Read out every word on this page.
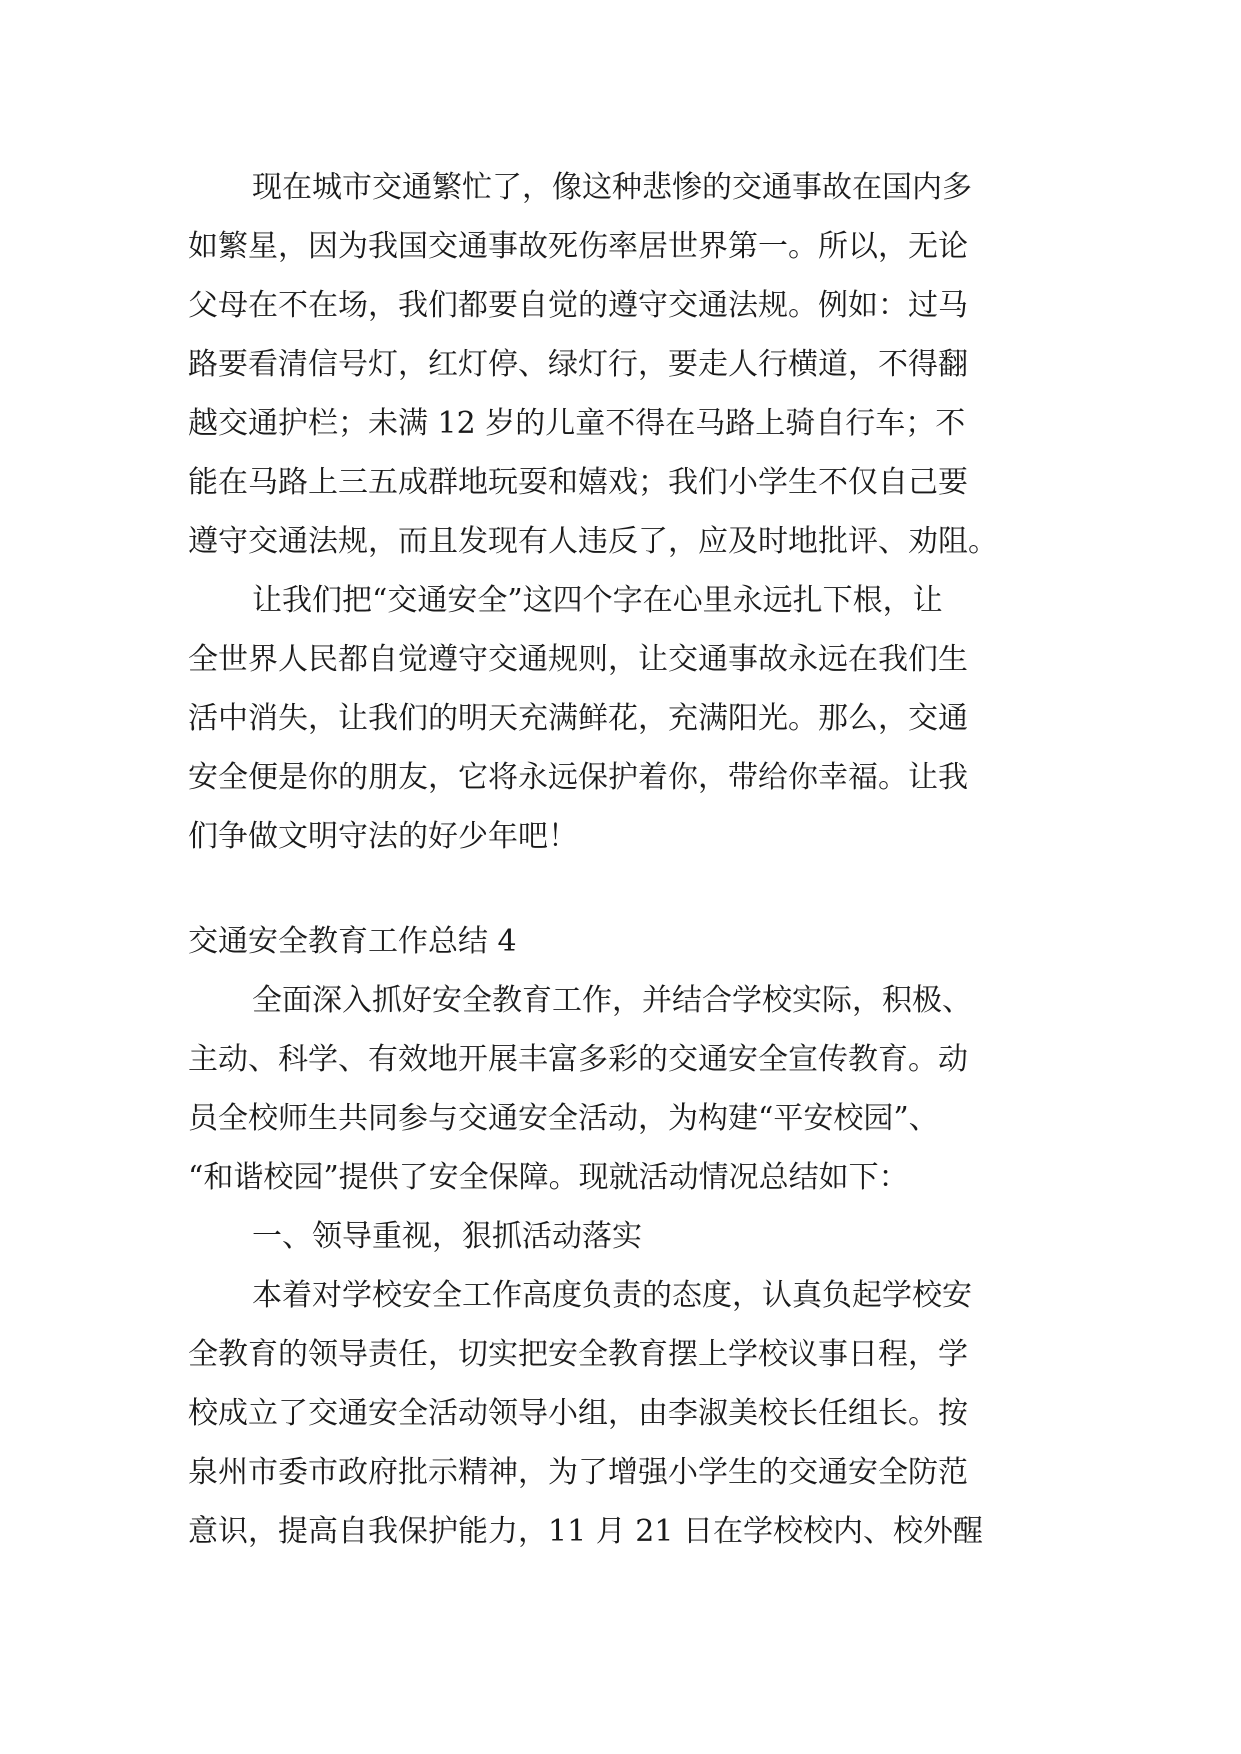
现在城市交通繁忙了，像这种悲惨的交通事故在国内多
如繁星，因为我国交通事故死伤率居世界第一。所以，无论
父母在不在场，我们都要自觉的遵守交通法规。例如：过马
路要看清信号灯，红灯停、绿灯行，要走人行横道，不得翻
越交通护栏；未满 12 岁的儿童不得在马路上骑自行车；不
能在马路上三五成群地玩耍和嬉戏；我们小学生不仅自己要
遵守交通法规，而且发现有人违反了，应及时地批评、劝阻。
让我们把“交通安全”这四个字在心里永远扎下根，让
全世界人民都自觉遵守交通规则，让交通事故永远在我们生
活中消失，让我们的明天充满鲜花，充满阳光。那么，交通
安全便是你的朋友，它将永远保护着你，带给你幸福。让我
们争做文明守法的好少年吧！
交通安全教育工作总结 4
全面深入抓好安全教育工作，并结合学校实际，积极、
主动、科学、有效地开展丰富多彩的交通安全宣传教育。动
员全校师生共同参与交通安全活动，为构建“平安校园”、
“和谐校园”提供了安全保障。现就活动情况总结如下：
一、领导重视，狠抓活动落实
本着对学校安全工作高度负责的态度，认真负起学校安
全教育的领导责任，切实把安全教育摆上学校议事日程，学
校成立了交通安全活动领导小组，由李淑美校长任组长。按
泉州市委市政府批示精神，为了增强小学生的交通安全防范
意识，提高自我保护能力，11 月 21 日在学校校内、校外醒
